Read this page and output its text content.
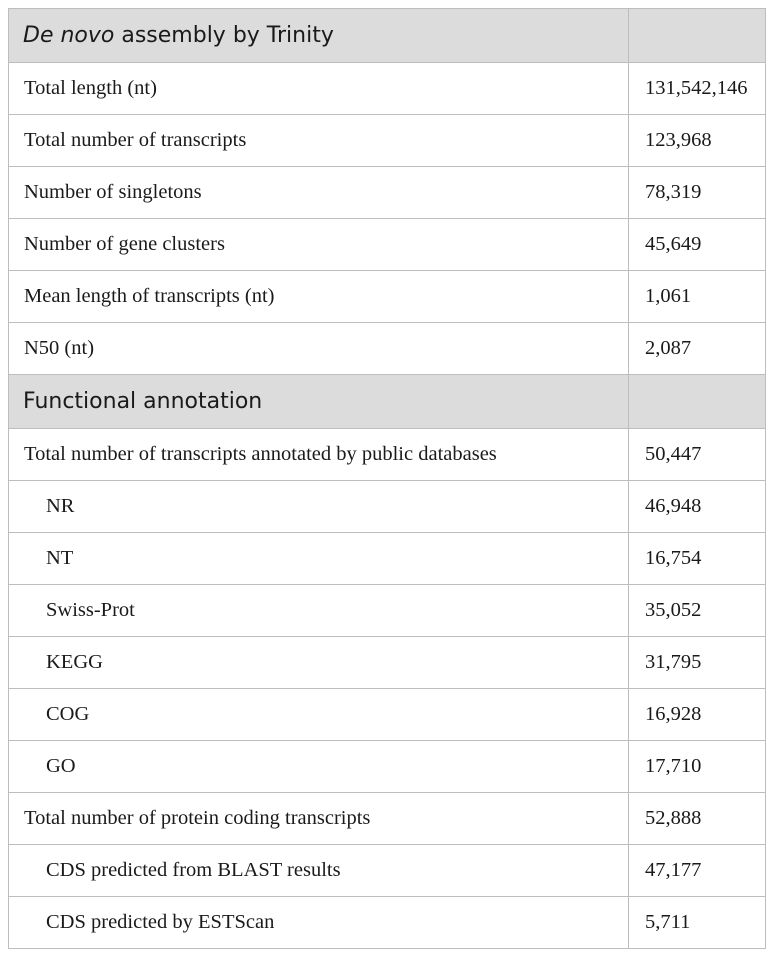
De novo assembly by Trinity	
Total length (nt)	131,542,146
Total number of transcripts	123,968
Number of singletons	78,319
Number of gene clusters	45,649
Mean length of transcripts (nt)	1,061
N50 (nt)	2,087
Functional annotation	
Total number of transcripts annotated by public databases	50,447
NR	46,948
NT	16,754
Swiss-Prot	35,052
KEGG	31,795
COG	16,928
GO	17,710
Total number of protein coding transcripts	52,888
CDS predicted from BLAST results	47,177
CDS predicted by ESTScan	5,711
